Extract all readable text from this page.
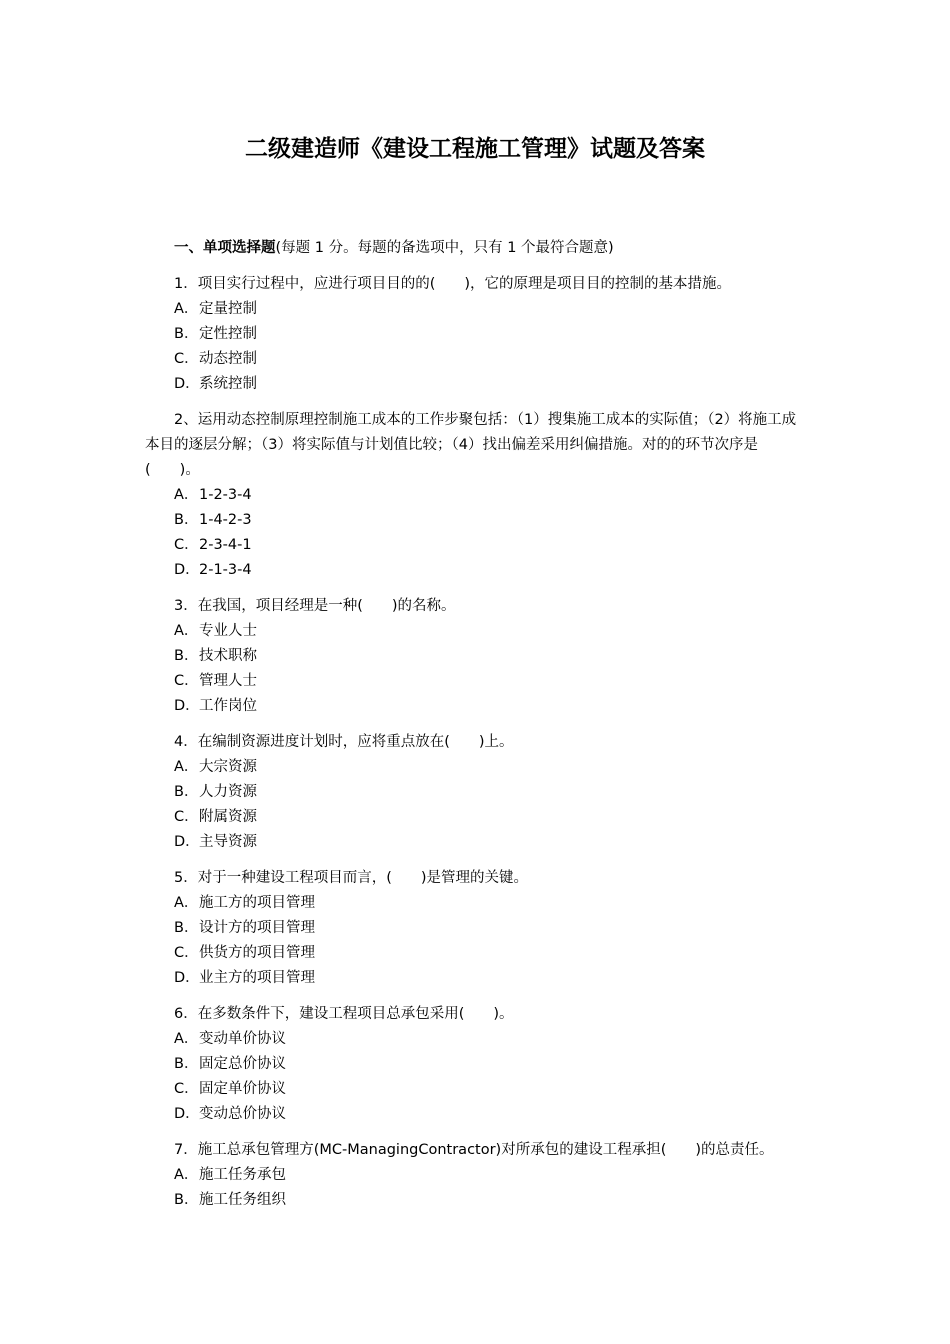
二级建造师《建设工程施工管理》试题及答案

一、单项选择题(每题 1 分。每题的备选项中，只有 1 个最符合题意)

1．项目实行过程中，应进行项目目的的(　　)，它的原理是项目目的控制的基本措施。

A．定量控制
B．定性控制
C．动态控制
D．系统控制

2、运用动态控制原理控制施工成本的工作步聚包括：（1）搜集施工成本的实际值；（2）将施工成本目的逐层分解；（3）将实际值与计划值比较；（4）找出偏差采用纠偏措施。对的的环节次序是(　　)。

A．1-2-3-4
B．1-4-2-3
C．2-3-4-1
D．2-1-3-4

3．在我国，项目经理是一种(　　)的名称。

A．专业人士
B．技术职称
C．管理人士
D．工作岗位

4．在编制资源进度计划时，应将重点放在(　　)上。

A．大宗资源
B．人力资源
C．附属资源
D．主导资源

5．对于一种建设工程项目而言，(　　)是管理的关键。

A．施工方的项目管理
B．设计方的项目管理
C．供货方的项目管理
D．业主方的项目管理

6．在多数条件下，建设工程项目总承包采用(　　)。

A．变动单价协议
B．固定总价协议
C．固定单价协议
D．变动总价协议

7．施工总承包管理方(MC-ManagingContractor)对所承包的建设工程承担(　　)的总责任。

A．施工任务承包
B．施工任务组织
